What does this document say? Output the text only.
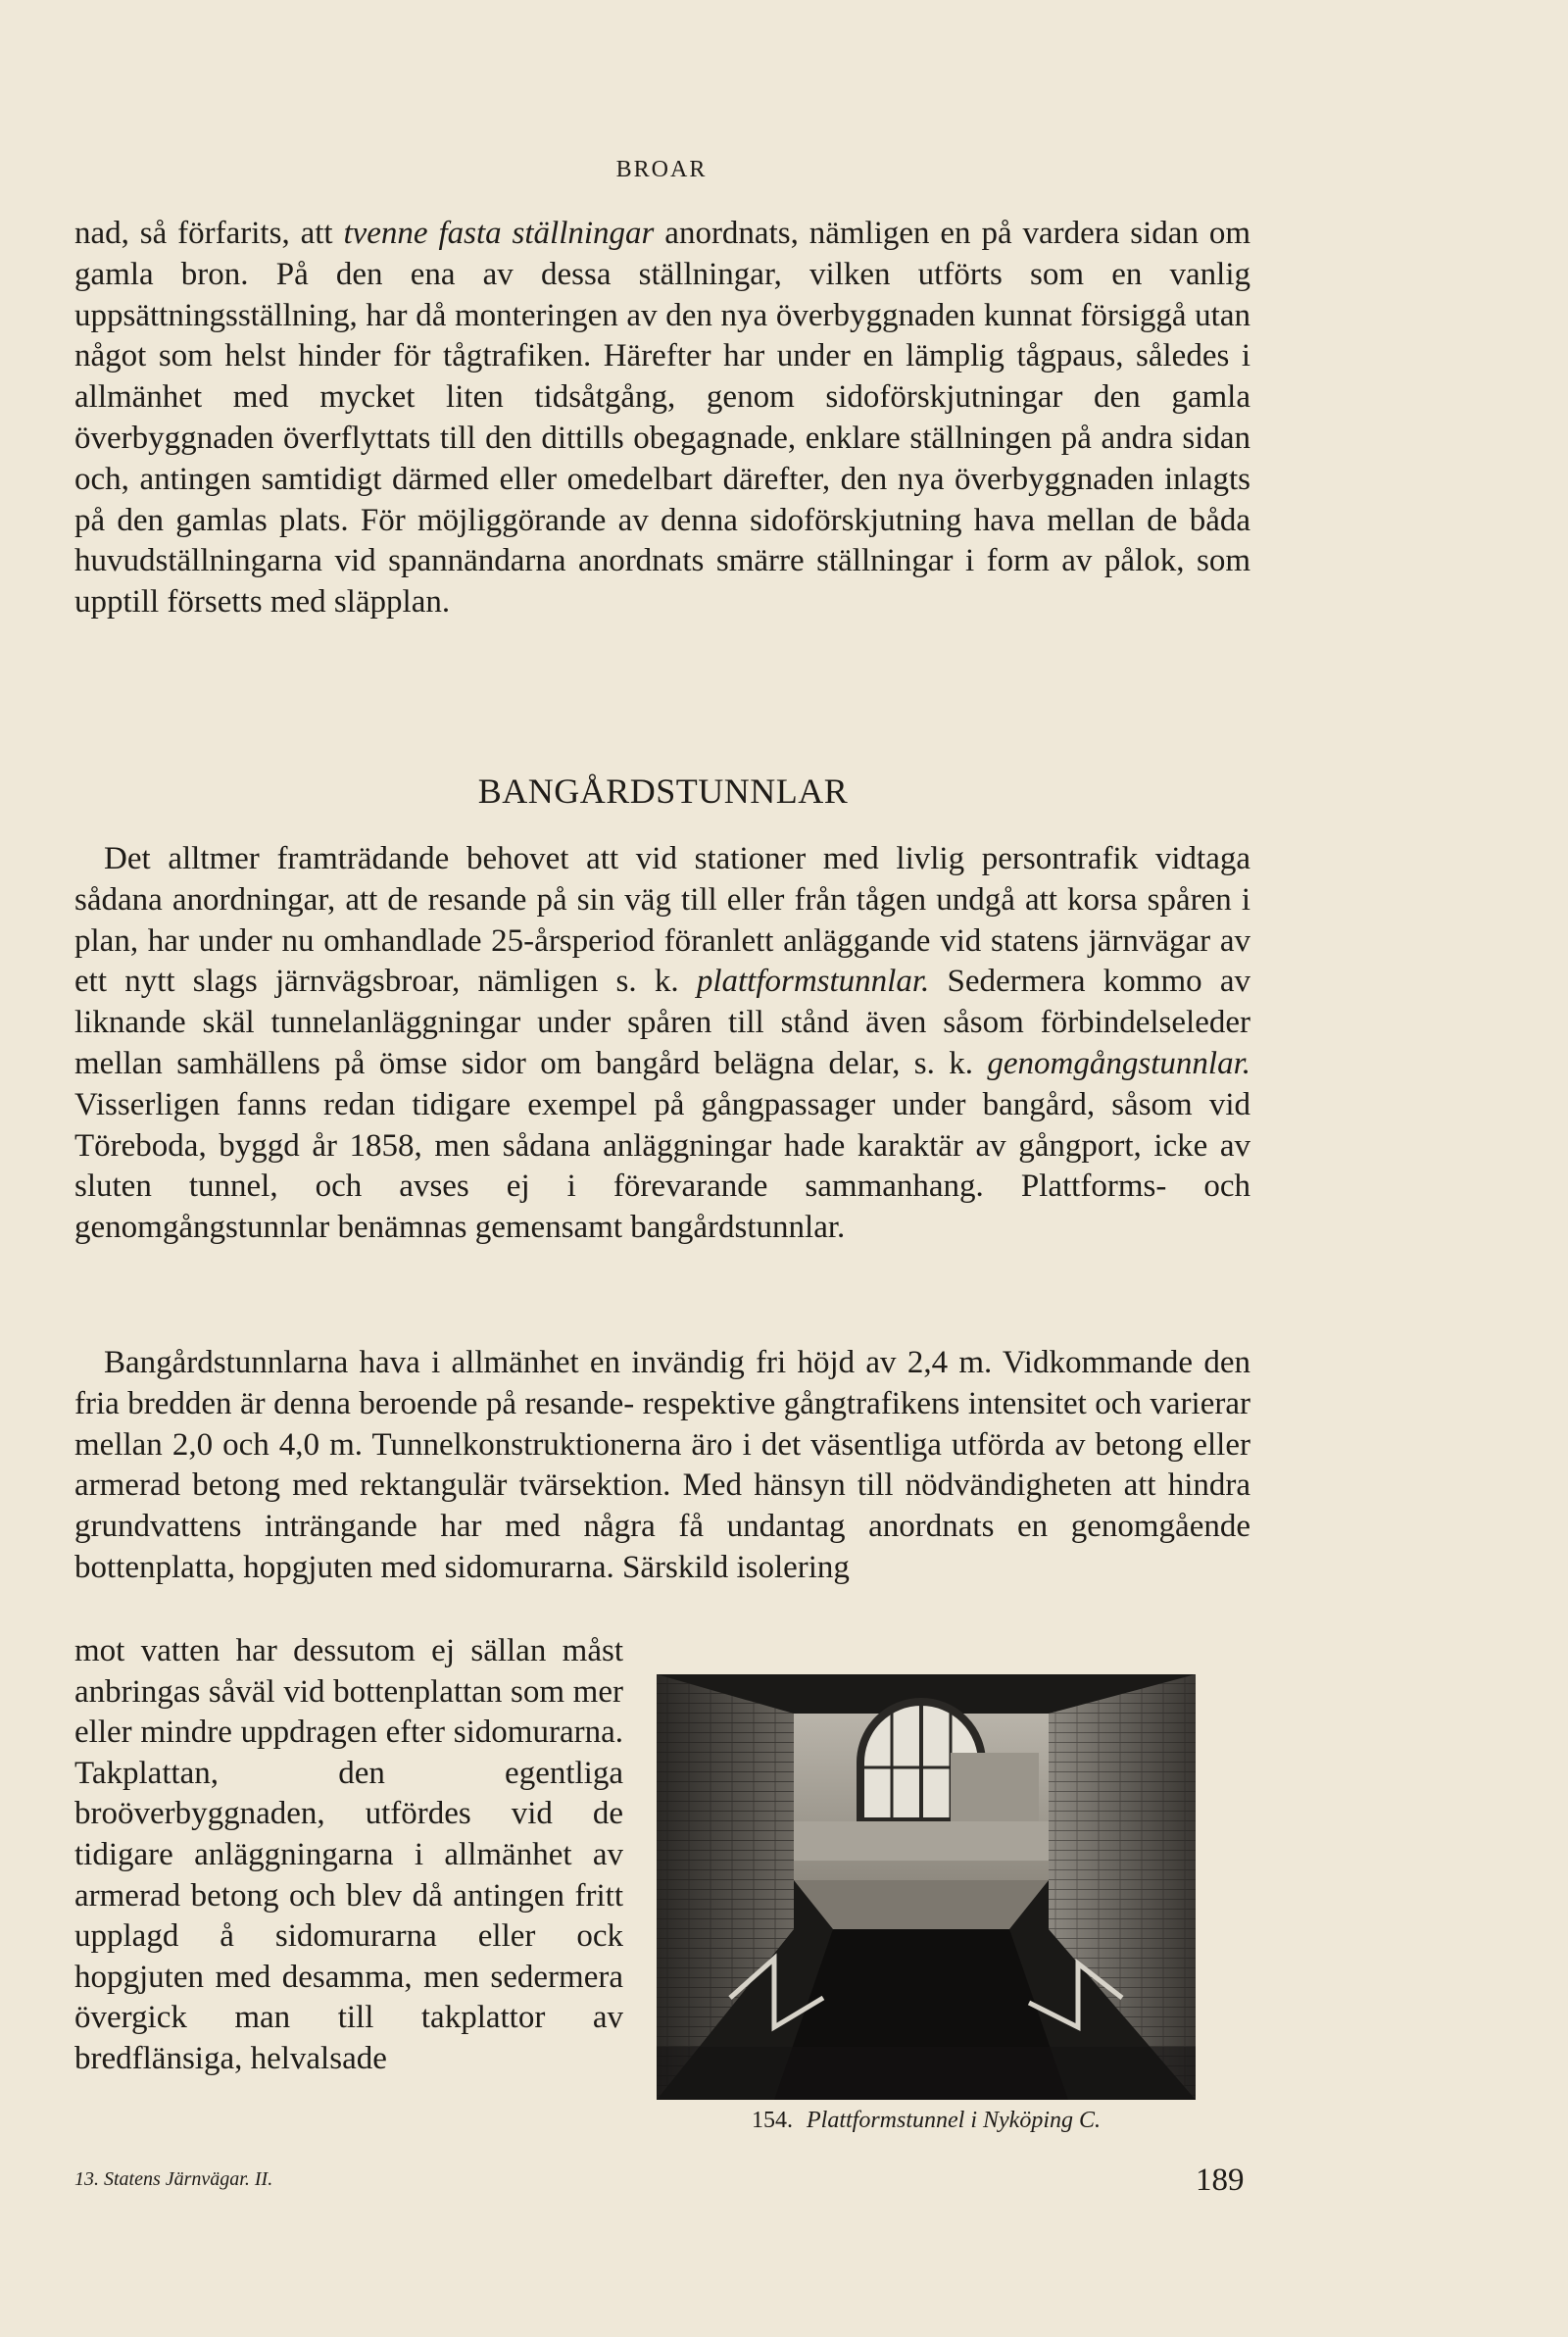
BROAR

nad, så förfarits, att tvenne fasta ställningar anordnats, nämligen en på vardera sidan om gamla bron. På den ena av dessa ställningar, vilken utförts som en vanlig uppsättningsställning, har då monteringen av den nya överbyggnaden kunnat försiggå utan något som helst hinder för tågtrafiken. Härefter har under en lämplig tågpaus, således i allmänhet med mycket liten tidsåtgång, genom sidoförskjutningar den gamla överbyggnaden överflyttats till den dittills obegagnade, enklare ställningen på andra sidan och, antingen samtidigt därmed eller omedelbart därefter, den nya överbyggnaden inlagts på den gamlas plats. För möjliggörande av denna sidoförskjutning hava mellan de båda huvudställningarna vid spannändarna anordnats smärre ställningar i form av pålok, som upptill försetts med släpplan.

BANGÅRDSTUNNLAR

Det alltmer framträdande behovet att vid stationer med livlig persontrafik vidtaga sådana anordningar, att de resande på sin väg till eller från tågen undgå att korsa spåren i plan, har under nu omhandlade 25-årsperiod föranlett anläggande vid statens järnvägar av ett nytt slags järnvägsbroar, nämligen s. k. plattformstunnlar. Sedermera kommo av liknande skäl tunnelanläggningar under spåren till stånd även såsom förbindelseleder mellan samhällens på ömse sidor om bangård belägna delar, s. k. genomgångstunnlar. Visserligen fanns redan tidigare exempel på gångpassager under bangård, såsom vid Töreboda, byggd år 1858, men sådana anläggningar hade karaktär av gångport, icke av sluten tunnel, och avses ej i förevarande sammanhang. Plattforms- och genomgångstunnlar benämnas gemensamt bangårdstunnlar.

Bangårdstunnlarna hava i allmänhet en invändig fri höjd av 2,4 m. Vidkommande den fria bredden är denna beroende på resande- respektive gångtrafikens intensitet och varierar mellan 2,0 och 4,0 m. Tunnelkonstruktionerna äro i det väsentliga utförda av betong eller armerad betong med rektangulär tvärsektion. Med hänsyn till nödvändigheten att hindra grundvattens inträngande har med några få undantag anordnats en genomgående bottenplatta, hopgjuten med sidomurarna. Särskild isolering

mot vatten har dessutom ej sällan måst anbringas såväl vid bottenplattan som mer eller mindre uppdragen efter sidomurarna. Takplattan, den egentliga broöverbyggnaden, utfördes vid de tidigare anläggningarna i allmänhet av armerad betong och blev då antingen fritt upplagd å sidomurarna eller ock hopgjuten med desamma, men sedermera övergick man till takplattor av bredflänsiga, helvalsade

154. Plattformstunnel i Nyköping C.
13. Statens Järnvägar. II.	189
